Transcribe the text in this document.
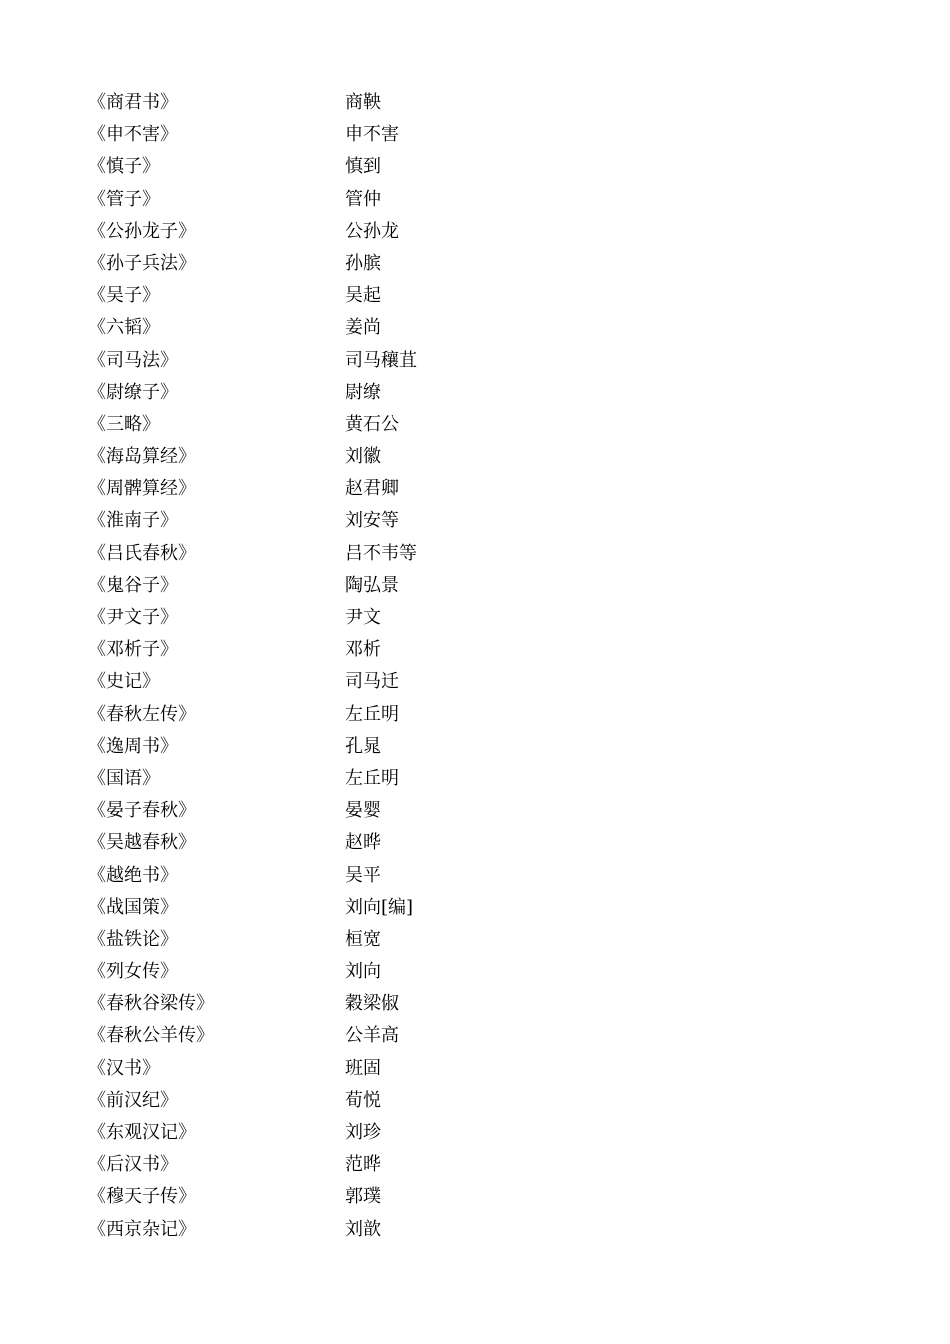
《商君书》	商鞅
《申不害》	申不害
《慎子》	慎到
《管子》	管仲
《公孙龙子》	公孙龙
《孙子兵法》	孙膑
《吴子》	吴起
《六韬》	姜尚
《司马法》	司马穰苴
《尉缭子》	尉缭
《三略》	黄石公
《海岛算经》	刘徽
《周髀算经》	赵君卿
《淮南子》	刘安等
《吕氏春秋》	吕不韦等
《鬼谷子》	陶弘景
《尹文子》	尹文
《邓析子》	邓析
《史记》	司马迁
《春秋左传》	左丘明
《逸周书》	孔晁
《国语》	左丘明
《晏子春秋》	晏婴
《吴越春秋》	赵晔
《越绝书》	吴平
《战国策》	刘向[编]
《盐铁论》	桓宽
《列女传》	刘向
《春秋谷梁传》	穀梁俶
《春秋公羊传》	公羊高
《汉书》	班固
《前汉纪》	荀悦
《东观汉记》	刘珍
《后汉书》	范晔
《穆天子传》	郭璞
《西京杂记》	刘歆
